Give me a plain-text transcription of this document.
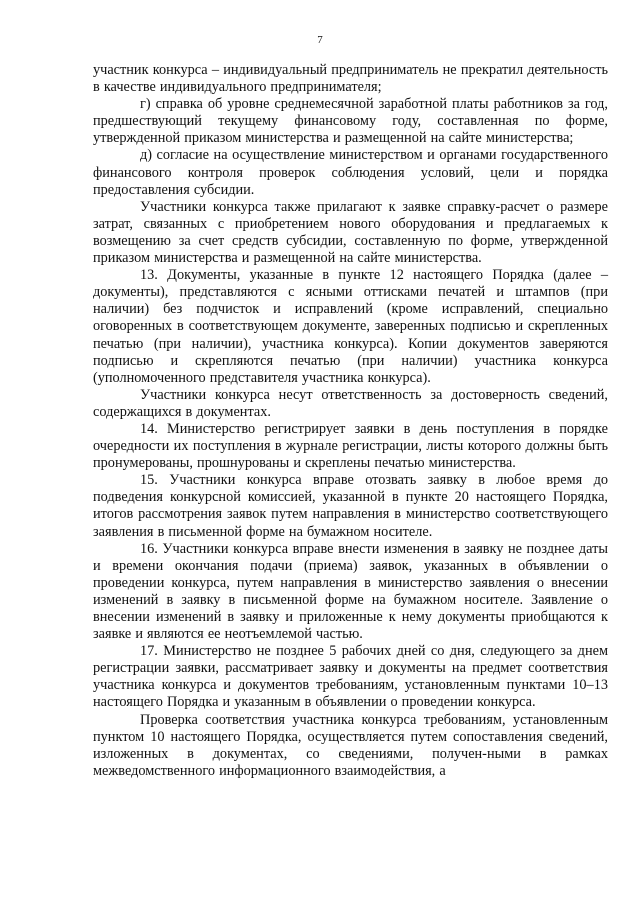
7

участник конкурса – индивидуальный предприниматель не прекратил деятельность в качестве индивидуального предпринимателя;

г) справка об уровне среднемесячной заработной платы работников за год, предшествующий текущему финансовому году, составленная по форме, утвержденной приказом министерства и размещенной на сайте министерства;

д) согласие на осуществление министерством и органами государственного финансового контроля проверок соблюдения условий, цели и порядка предоставления субсидии.

Участники конкурса также прилагают к заявке справку-расчет о размере затрат, связанных с приобретением нового оборудования и предлагаемых к возмещению за счет средств субсидии, составленную по форме, утвержденной приказом министерства и размещенной на сайте министерства.

13. Документы, указанные в пункте 12 настоящего Порядка (далее – документы), представляются с ясными оттисками печатей и штампов (при наличии) без подчисток и исправлений (кроме исправлений, специально оговоренных в соответствующем документе, заверенных подписью и скрепленных печатью (при наличии), участника конкурса). Копии документов заверяются подписью и скрепляются печатью (при наличии) участника конкурса (уполномоченного представителя участника конкурса).

Участники конкурса несут ответственность за достоверность сведений, содержащихся в документах.

14. Министерство регистрирует заявки в день поступления в порядке очередности их поступления в журнале регистрации, листы которого должны быть пронумерованы, прошнурованы и скреплены печатью министерства.

15. Участники конкурса вправе отозвать заявку в любое время до подведения конкурсной комиссией, указанной в пункте 20 настоящего Порядка, итогов рассмотрения заявок путем направления в министерство соответствующего заявления в письменной форме на бумажном носителе.

16. Участники конкурса вправе внести изменения в заявку не позднее даты и времени окончания подачи (приема) заявок, указанных в объявлении о проведении конкурса, путем направления в министерство заявления о внесении изменений в заявку в письменной форме на бумажном носителе. Заявление о внесении изменений в заявку и приложенные к нему документы приобщаются к заявке и являются ее неотъемлемой частью.

17. Министерство не позднее 5 рабочих дней со дня, следующего за днем регистрации заявки, рассматривает заявку и документы на предмет соответствия участника конкурса и документов требованиям, установленным пунктами 10–13 настоящего Порядка и указанным в объявлении о проведении конкурса.

Проверка соответствия участника конкурса требованиям, установленным пунктом 10 настоящего Порядка, осуществляется путем сопоставления сведений, изложенных в документах, со сведениями, получен-ными в рамках межведомственного информационного взаимодействия, а
